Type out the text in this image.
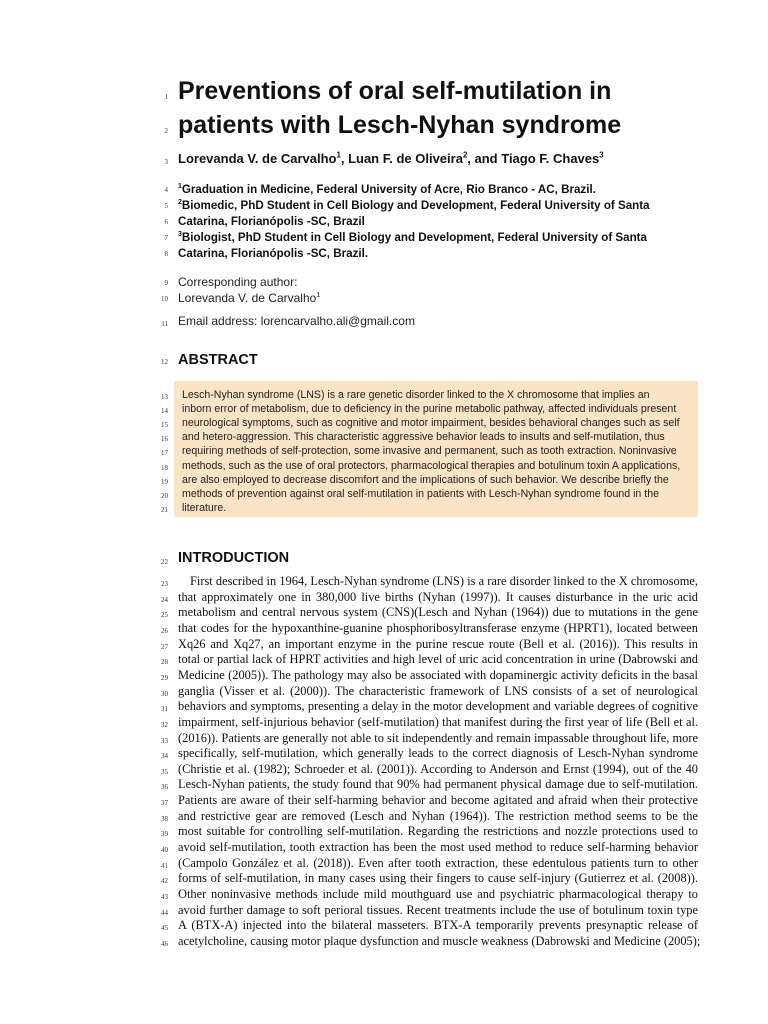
Preventions of oral self-mutilation in
patients with Lesch-Nyhan syndrome
Lorevanda V. de Carvalho$^1$, Luan F. de Oliveira$^2$, and Tiago F. Chaves$^3$
$^1$Graduation in Medicine, Federal University of Acre, Rio Branco - AC, Brazil.
$^2$Biomedic, PhD Student in Cell Biology and Development, Federal University of Santa
Catarina, Florianópolis -SC, Brazil
$^3$Biologist, PhD Student in Cell Biology and Development, Federal University of Santa
Catarina, Florianópolis -SC, Brazil.
Corresponding author:
Lorevanda V. de Carvalho$^1$
Email address: lorencarvalho.ali@gmail.com
ABSTRACT
Lesch-Nyhan syndrome (LNS) is a rare genetic disorder linked to the X chromosome that implies an
inborn error of metabolism, due to deficiency in the purine metabolic pathway, affected individuals present
neurological symptoms, such as cognitive and motor impairment, besides behavioral changes such as self
and hetero-aggression. This characteristic aggressive behavior leads to insults and self-mutilation, thus
requiring methods of self-protection, some invasive and permanent, such as tooth extraction. Noninvasive
methods, such as the use of oral protectors, pharmacological therapies and botulinum toxin A applications,
are also employed to decrease discomfort and the implications of such behavior. We describe briefly the
methods of prevention against oral self-mutilation in patients with Lesch-Nyhan syndrome found in the
literature.
INTRODUCTION
First described in 1964, Lesch-Nyhan syndrome (LNS) is a rare disorder linked to the X chromosome,
that approximately one in 380,000 live births (Nyhan (1997)). It causes disturbance in the uric acid
metabolism and central nervous system (CNS)(Lesch and Nyhan (1964)) due to mutations in the gene
that codes for the hypoxanthine-guanine phosphoribosyltransferase enzyme (HPRT1), located between
Xq26 and Xq27, an important enzyme in the purine rescue route (Bell et al. (2016)). This results in
total or partial lack of HPRT activities and high level of uric acid concentration in urine (Dabrowski and
Medicine (2005)). The pathology may also be associated with dopaminergic activity deficits in the basal
ganglia (Visser et al. (2000)). The characteristic framework of LNS consists of a set of neurological
behaviors and symptoms, presenting a delay in the motor development and variable degrees of cognitive
impairment, self-injurious behavior (self-mutilation) that manifest during the first year of life (Bell et al.
(2016)). Patients are generally not able to sit independently and remain impassable throughout life, more
specifically, self-mutilation, which generally leads to the correct diagnosis of Lesch-Nyhan syndrome
(Christie et al. (1982); Schroeder et al. (2001)). According to Anderson and Ernst (1994), out of the 40
Lesch-Nyhan patients, the study found that 90% had permanent physical damage due to self-mutilation.
Patients are aware of their self-harming behavior and become agitated and afraid when their protective
and restrictive gear are removed (Lesch and Nyhan (1964)). The restriction method seems to be the
most suitable for controlling self-mutilation. Regarding the restrictions and nozzle protections used to
avoid self-mutilation, tooth extraction has been the most used method to reduce self-harming behavior
(Campolo González et al. (2018)). Even after tooth extraction, these edentulous patients turn to other
forms of self-mutilation, in many cases using their fingers to cause self-injury (Gutierrez et al. (2008)).
Other noninvasive methods include mild mouthguard use and psychiatric pharmacological therapy to
avoid further damage to soft perioral tissues. Recent treatments include the use of botulinum toxin type
A (BTX-A) injected into the bilateral masseters. BTX-A temporarily prevents presynaptic release of
acetylcholine, causing motor plaque dysfunction and muscle weakness (Dabrowski and Medicine (2005);
1
2
3
4
5
6
7
8
9
10
11
12
13
14
15
16
17
18
19
20
21
22
23
24
25
26
27
28
29
30
31
32
33
34
35
36
37
38
39
40
41
42
43
44
45
46
